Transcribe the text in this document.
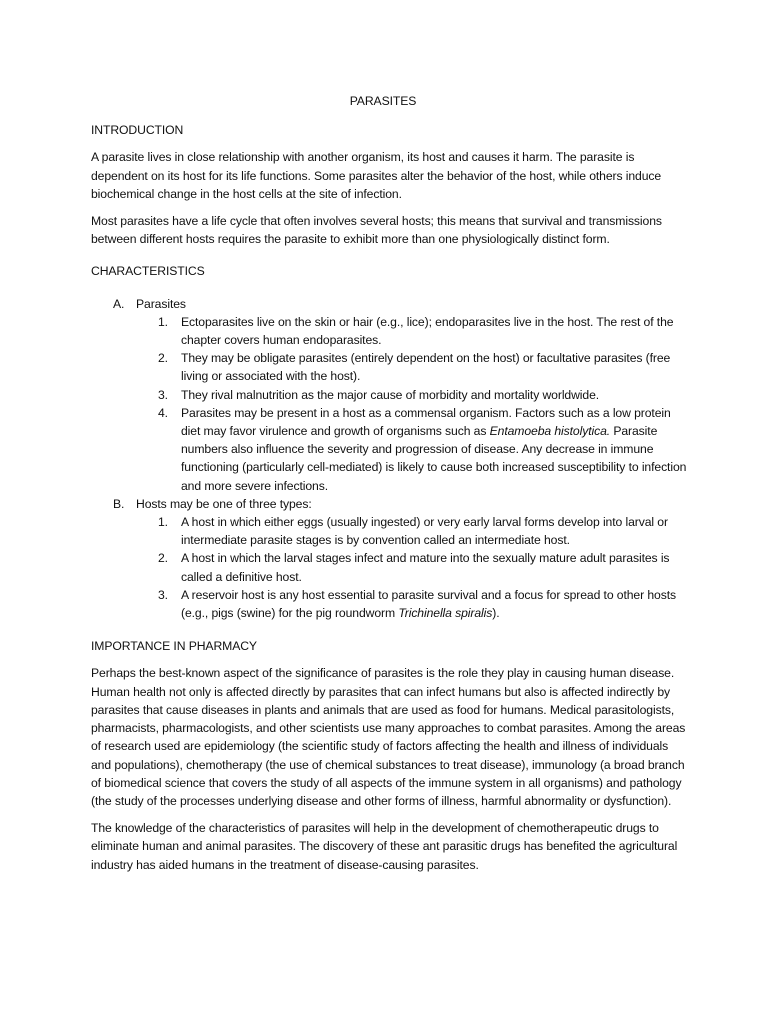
PARASITES
INTRODUCTION

A parasite lives in close relationship with another organism, its host and causes it harm. The parasite is dependent on its host for its life functions. Some parasites alter the behavior of the host, while others induce biochemical change in the host cells at the site of infection.

Most parasites have a life cycle that often involves several hosts; this means that survival and transmissions between different hosts requires the parasite to exhibit more than one physiologically distinct form.

CHARACTERISTICS
A. Parasites
1. Ectoparasites live on the skin or hair (e.g., lice); endoparasites live in the host. The rest of the chapter covers human endoparasites.
2. They may be obligate parasites (entirely dependent on the host) or facultative parasites (free living or associated with the host).
3. They rival malnutrition as the major cause of morbidity and mortality worldwide.
4. Parasites may be present in a host as a commensal organism. Factors such as a low protein diet may favor virulence and growth of organisms such as Entamoeba histolytica. Parasite numbers also influence the severity and progression of disease. Any decrease in immune functioning (particularly cell-mediated) is likely to cause both increased susceptibility to infection and more severe infections.
B. Hosts may be one of three types:
1. A host in which either eggs (usually ingested) or very early larval forms develop into larval or intermediate parasite stages is by convention called an intermediate host.
2. A host in which the larval stages infect and mature into the sexually mature adult parasites is called a definitive host.
3. A reservoir host is any host essential to parasite survival and a focus for spread to other hosts (e.g., pigs (swine) for the pig roundworm Trichinella spiralis).
IMPORTANCE IN PHARMACY

Perhaps the best-known aspect of the significance of parasites is the role they play in causing human disease. Human health not only is affected directly by parasites that can infect humans but also is affected indirectly by parasites that cause diseases in plants and animals that are used as food for humans. Medical parasitologists, pharmacists, pharmacologists, and other scientists use many approaches to combat parasites. Among the areas of research used are epidemiology (the scientific study of factors affecting the health and illness of individuals and populations), chemotherapy (the use of chemical substances to treat disease), immunology (a broad branch of biomedical science that covers the study of all aspects of the immune system in all organisms) and pathology (the study of the processes underlying disease and other forms of illness, harmful abnormality or dysfunction).

The knowledge of the characteristics of parasites will help in the development of chemotherapeutic drugs to eliminate human and animal parasites. The discovery of these ant parasitic drugs has benefited the agricultural industry has aided humans in the treatment of disease-causing parasites.
